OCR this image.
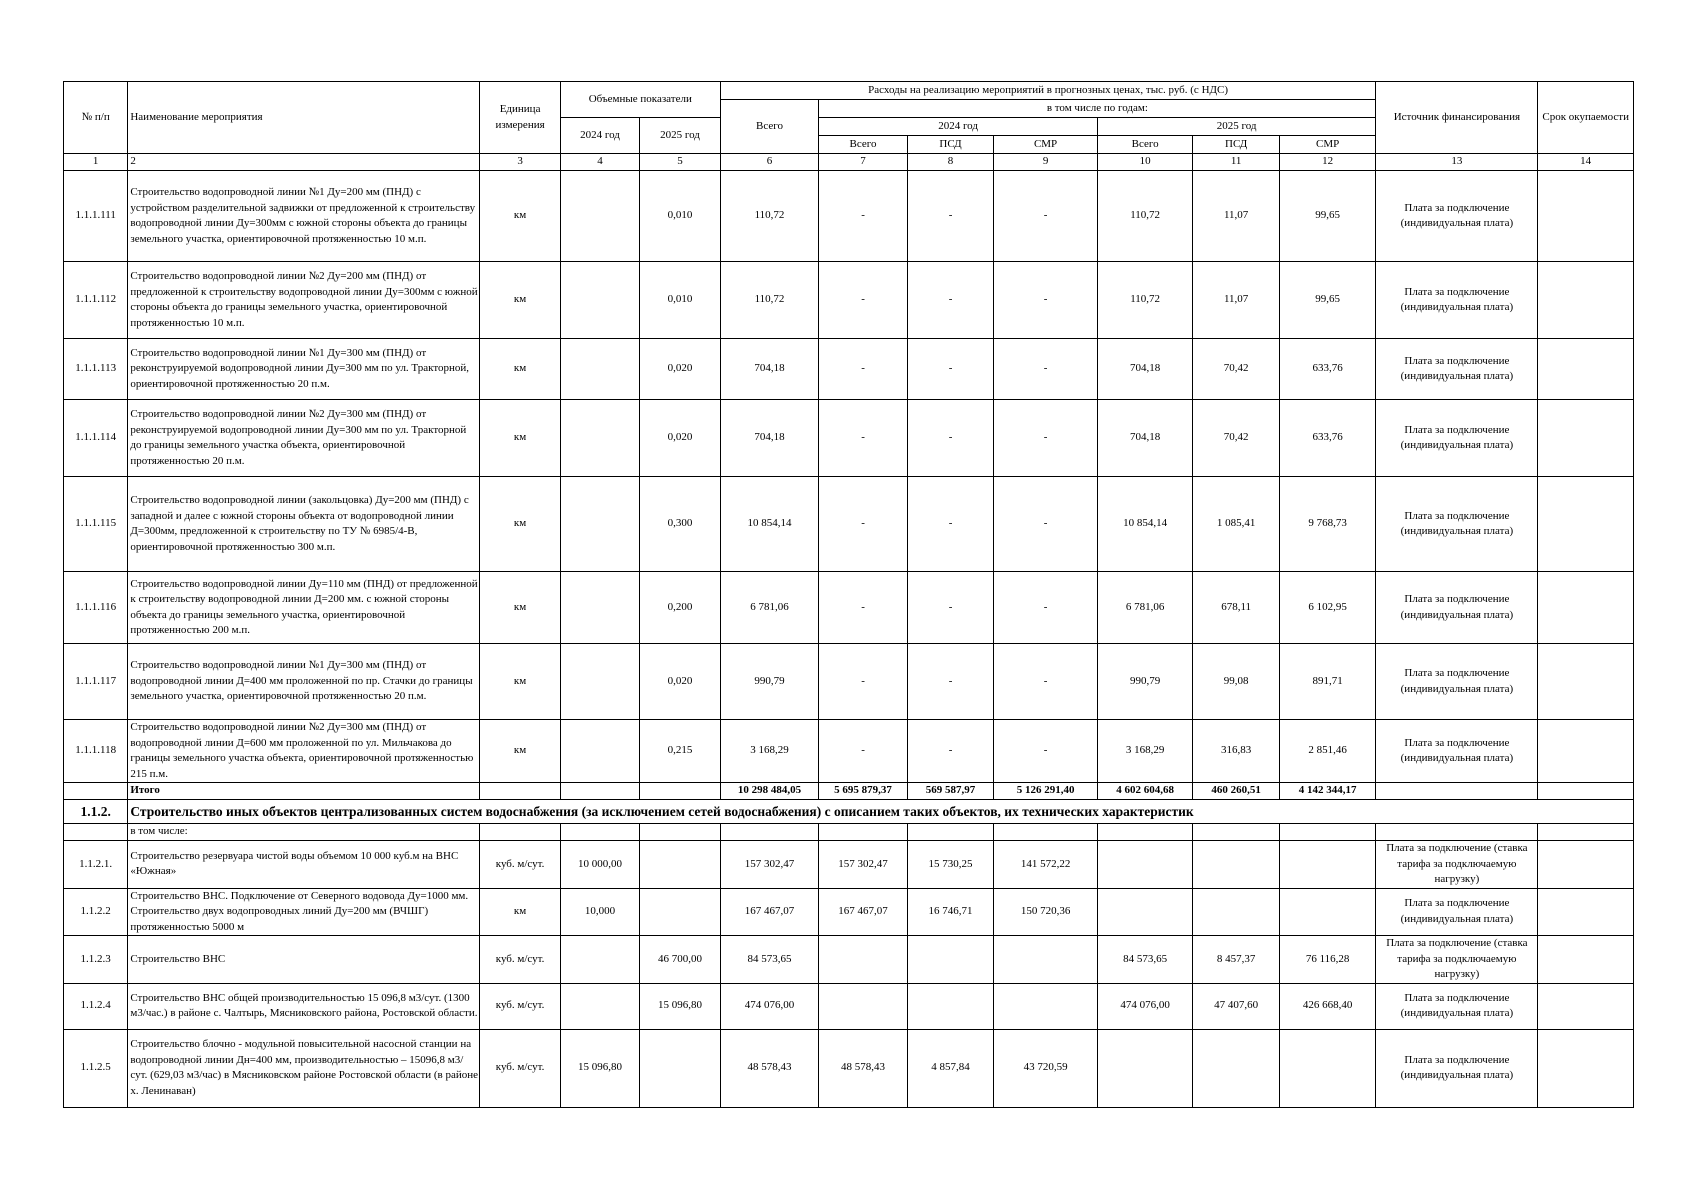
№ п/п	Наименование мероприятия	Единица измерения	Объемные показатели		Расходы на реализацию мероприятий в прогнозных ценах, тыс. руб. (с НДС)							Источник финансирования	Срок окупаемости
					Всего	в том числе по годам:							
			2024 год	2025 год		2024 год			2025 год				
						Всего	ПСД	СМР	Всего	ПСД	СМР		
1	2	3	4	5	6	7	8	9	10	11	12	13	14
1.1.1.111	Строительство водопроводной линии №1 Ду=200 мм (ПНД) с устройством разделительной задвижки от предложенной к строительству водопроводной линии Ду=300мм с южной стороны объекта до границы земельного участка, ориентировочной протяженностью 10 м.п.	км		0,010	110,72	-	-	-	110,72	11,07	99,65	Плата за подключение (индивидуальная плата)	
1.1.1.112	Строительство водопроводной линии №2 Ду=200 мм (ПНД) от предложенной к строительству водопроводной линии Ду=300мм с южной стороны объекта до границы земельного участка, ориентировочной протяженностью 10 м.п.	км		0,010	110,72	-	-	-	110,72	11,07	99,65	Плата за подключение (индивидуальная плата)	
1.1.1.113	Строительство водопроводной линии №1 Ду=300 мм (ПНД) от реконструируемой водопроводной линии Ду=300 мм по ул. Тракторной, ориентировочной протяженностью 20 п.м.	км		0,020	704,18	-	-	-	704,18	70,42	633,76	Плата за подключение (индивидуальная плата)	
1.1.1.114	Строительство водопроводной линии №2 Ду=300 мм (ПНД) от реконструируемой водопроводной линии Ду=300 мм по ул. Тракторной до границы земельного участка объекта, ориентировочной протяженностью 20 п.м.	км		0,020	704,18	-	-	-	704,18	70,42	633,76	Плата за подключение (индивидуальная плата)	
1.1.1.115	Строительство водопроводной линии (закольцовка) Ду=200 мм (ПНД) с западной и далее с южной стороны объекта от водопроводной линии Д=300мм, предложенной к строительству по ТУ № 6985/4-В, ориентировочной протяженностью 300 м.п.	км		0,300	10 854,14	-	-	-	10 854,14	1 085,41	9 768,73	Плата за подключение (индивидуальная плата)	
1.1.1.116	Строительство водопроводной линии Ду=110 мм (ПНД) от предложенной к строительству водопроводной линии Д=200 мм. с южной стороны объекта до границы земельного участка, ориентировочной протяженностью 200 м.п.	км		0,200	6 781,06	-	-	-	6 781,06	678,11	6 102,95	Плата за подключение (индивидуальная плата)	
1.1.1.117	Строительство водопроводной линии №1 Ду=300 мм (ПНД) от водопроводной линии Д=400 мм проложенной по пр. Стачки до границы земельного участка, ориентировочной протяженностью 20 п.м.	км		0,020	990,79	-	-	-	990,79	99,08	891,71	Плата за подключение (индивидуальная плата)	
1.1.1.118	Строительство водопроводной линии №2 Ду=300 мм (ПНД) от водопроводной линии Д=600 мм проложенной по ул. Мильчакова до границы земельного участка объекта, ориентировочной протяженностью 215 п.м.	км		0,215	3 168,29	-	-	-	3 168,29	316,83	2 851,46	Плата за подключение (индивидуальная плата)	
	Итого				10 298 484,05	5 695 879,37	569 587,97	5 126 291,40	4 602 604,68	460 260,51	4 142 344,17		
1.1.2.	Строительство иных объектов централизованных систем водоснабжения (за исключением сетей водоснабжения) с описанием таких объектов, их технических характеристик												
	в том числе:												
1.1.2.1.	Строительство резервуара чистой воды объемом 10 000 куб.м на ВНС «Южная»	куб. м/сут.	10 000,00		157 302,47	157 302,47	15 730,25	141 572,22				Плата за подключение (ставка тарифа за подключаемую нагрузку)	
1.1.2.2	Строительство ВНС. Подключение от Северного водовода Ду=1000 мм. Строительство двух водопроводных линий Ду=200 мм (ВЧШГ) протяженностью 5000 м	км	10,000		167 467,07	167 467,07	16 746,71	150 720,36				Плата за подключение (индивидуальная плата)	
1.1.2.3	Строительство ВНС	куб. м/сут.		46 700,00	84 573,65				84 573,65	8 457,37	76 116,28	Плата за подключение (ставка тарифа за подключаемую нагрузку)	
1.1.2.4	Строительство ВНС общей производительностью 15 096,8 м3/сут. (1300 м3/час.) в районе с. Чалтырь, Мясниковского района, Ростовской области.	куб. м/сут.		15 096,80	474 076,00				474 076,00	47 407,60	426 668,40	Плата за подключение (индивидуальная плата)	
1.1.2.5	Строительство блочно - модульной повысительной насосной станции на водопроводной линии Дн=400 мм, производительностью – 15096,8 м3/сут. (629,03 м3/час) в Мясниковском районе Ростовской области (в районе х. Ленинаван)	куб. м/сут.	15 096,80		48 578,43	48 578,43	4 857,84	43 720,59				Плата за подключение (индивидуальная плата)	
